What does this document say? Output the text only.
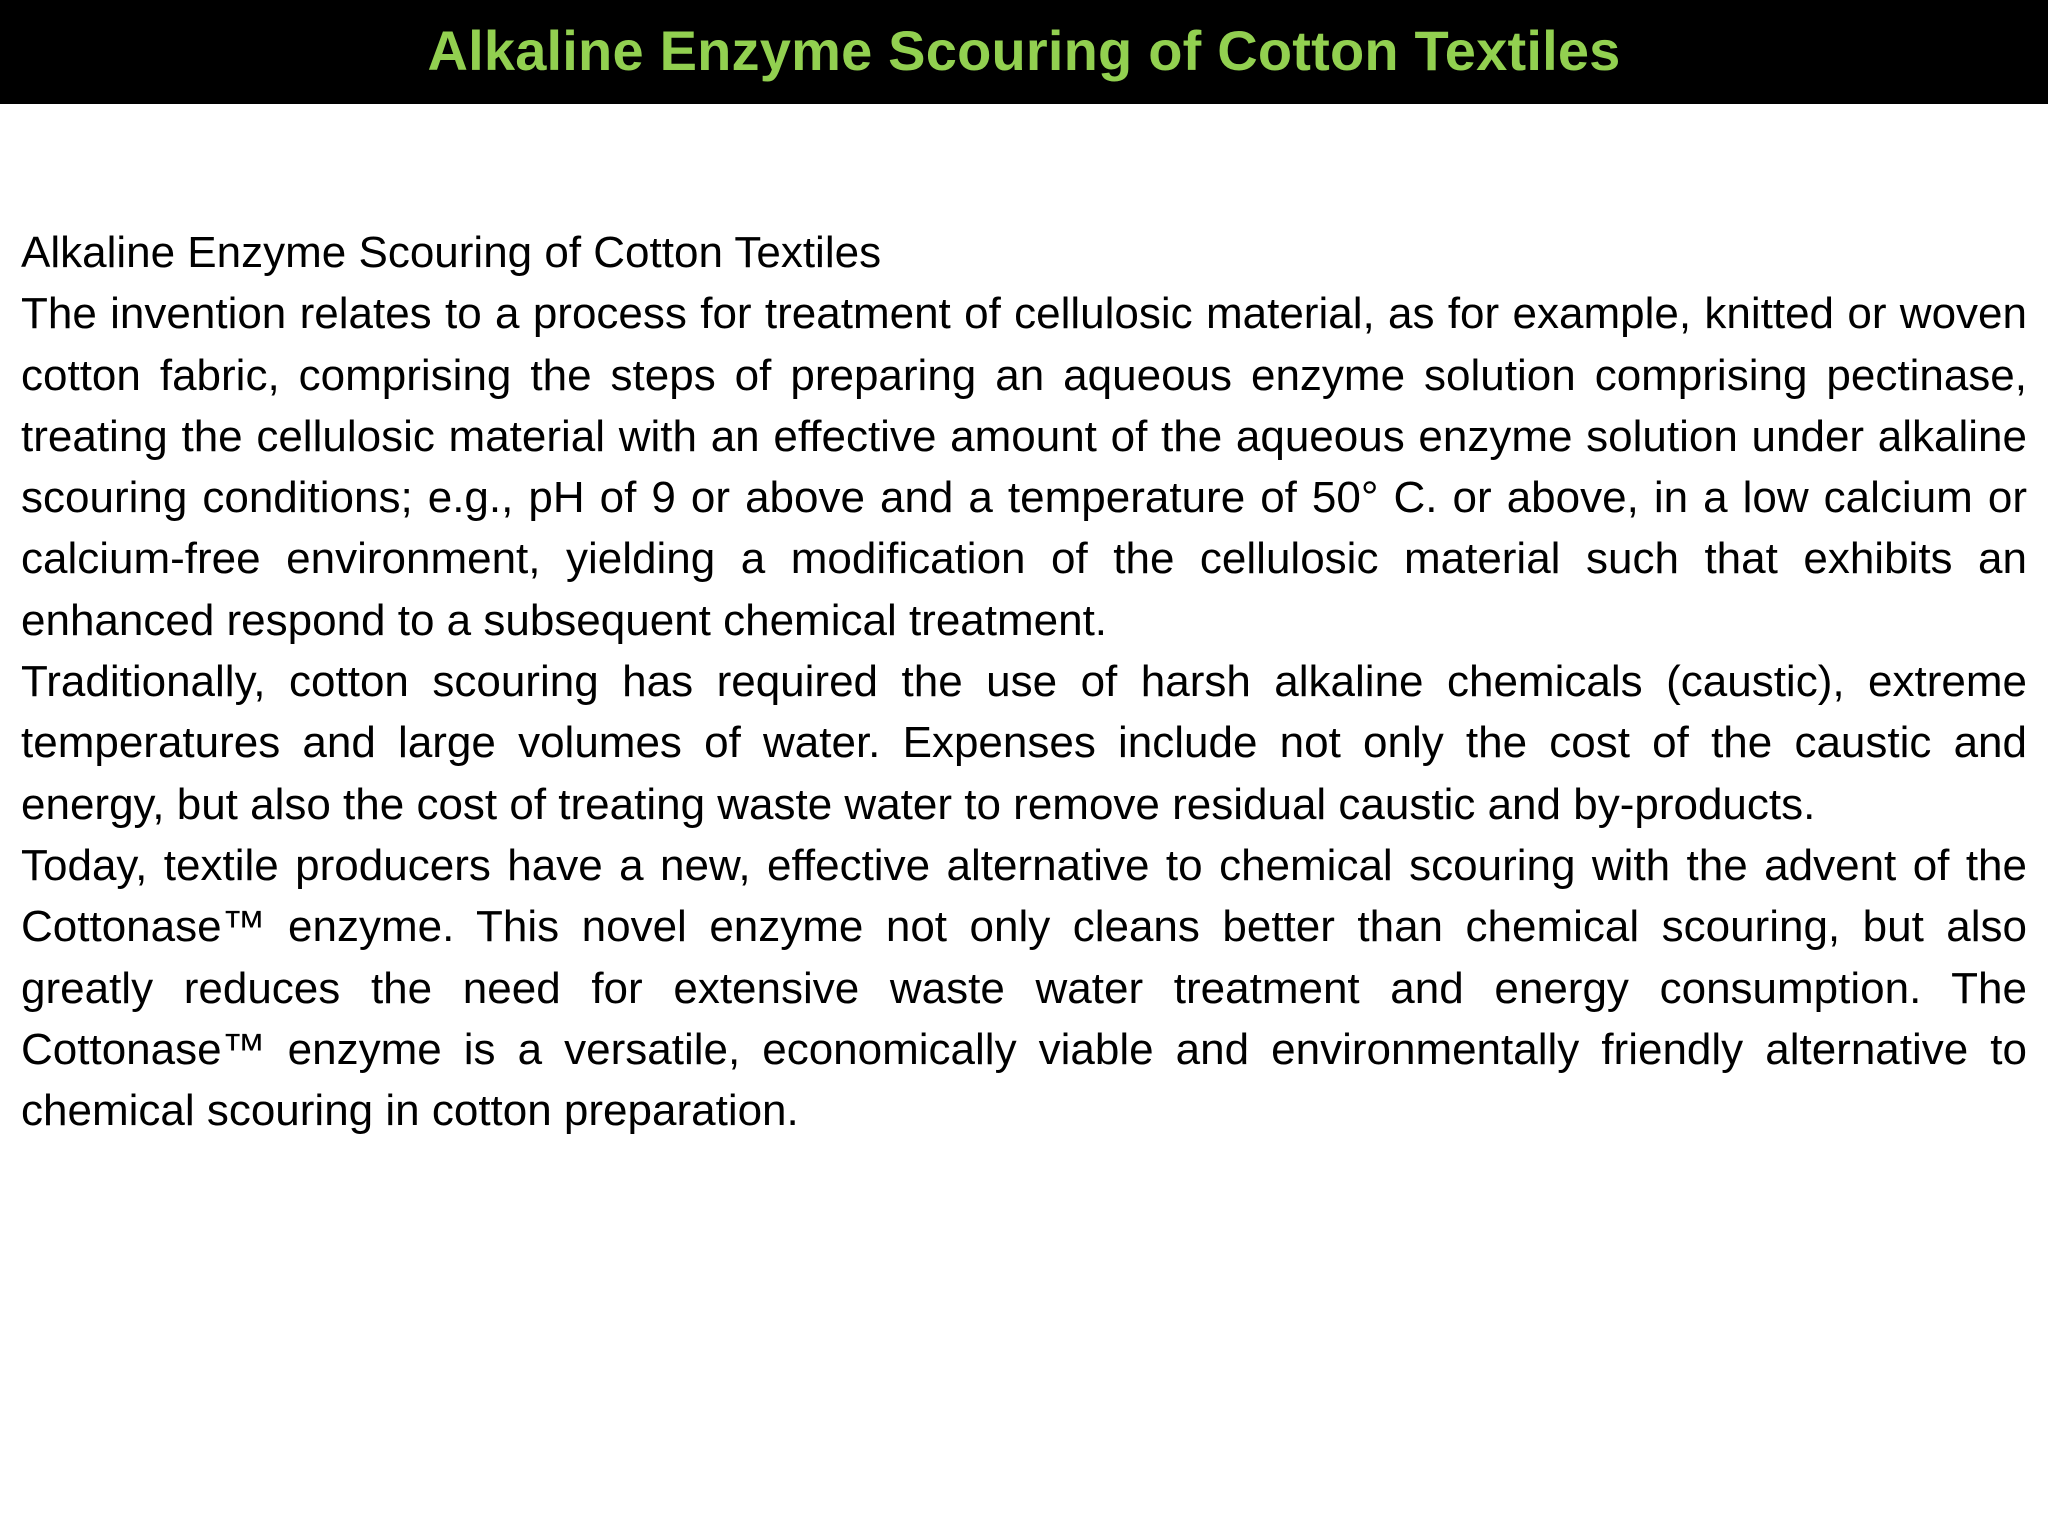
Alkaline Enzyme Scouring of Cotton Textiles

Alkaline Enzyme Scouring of Cotton Textiles

The invention relates to a process for treatment of cellulosic material, as for example, knitted or woven cotton fabric, comprising the steps of preparing an aqueous enzyme solution comprising pectinase, treating the cellulosic material with an effective amount of the aqueous enzyme solution under alkaline scouring conditions; e.g., pH of 9 or above and a temperature of 50° C. or above, in a low calcium or calcium-free environment, yielding a modification of the cellulosic material such that exhibits an enhanced respond to a subsequent chemical treatment.

Traditionally, cotton scouring has required the use of harsh alkaline chemicals (caustic), extreme temperatures and large volumes of water. Expenses include not only the cost of the caustic and energy, but also the cost of treating waste water to remove residual caustic and by-products.

Today, textile producers have a new, effective alternative to chemical scouring with the advent of the Cottonase™ enzyme. This novel enzyme not only cleans better than chemical scouring, but also greatly reduces the need for extensive waste water treatment and energy consumption. The Cottonase™ enzyme is a versatile, economically viable and environmentally friendly alternative to chemical scouring in cotton preparation.
